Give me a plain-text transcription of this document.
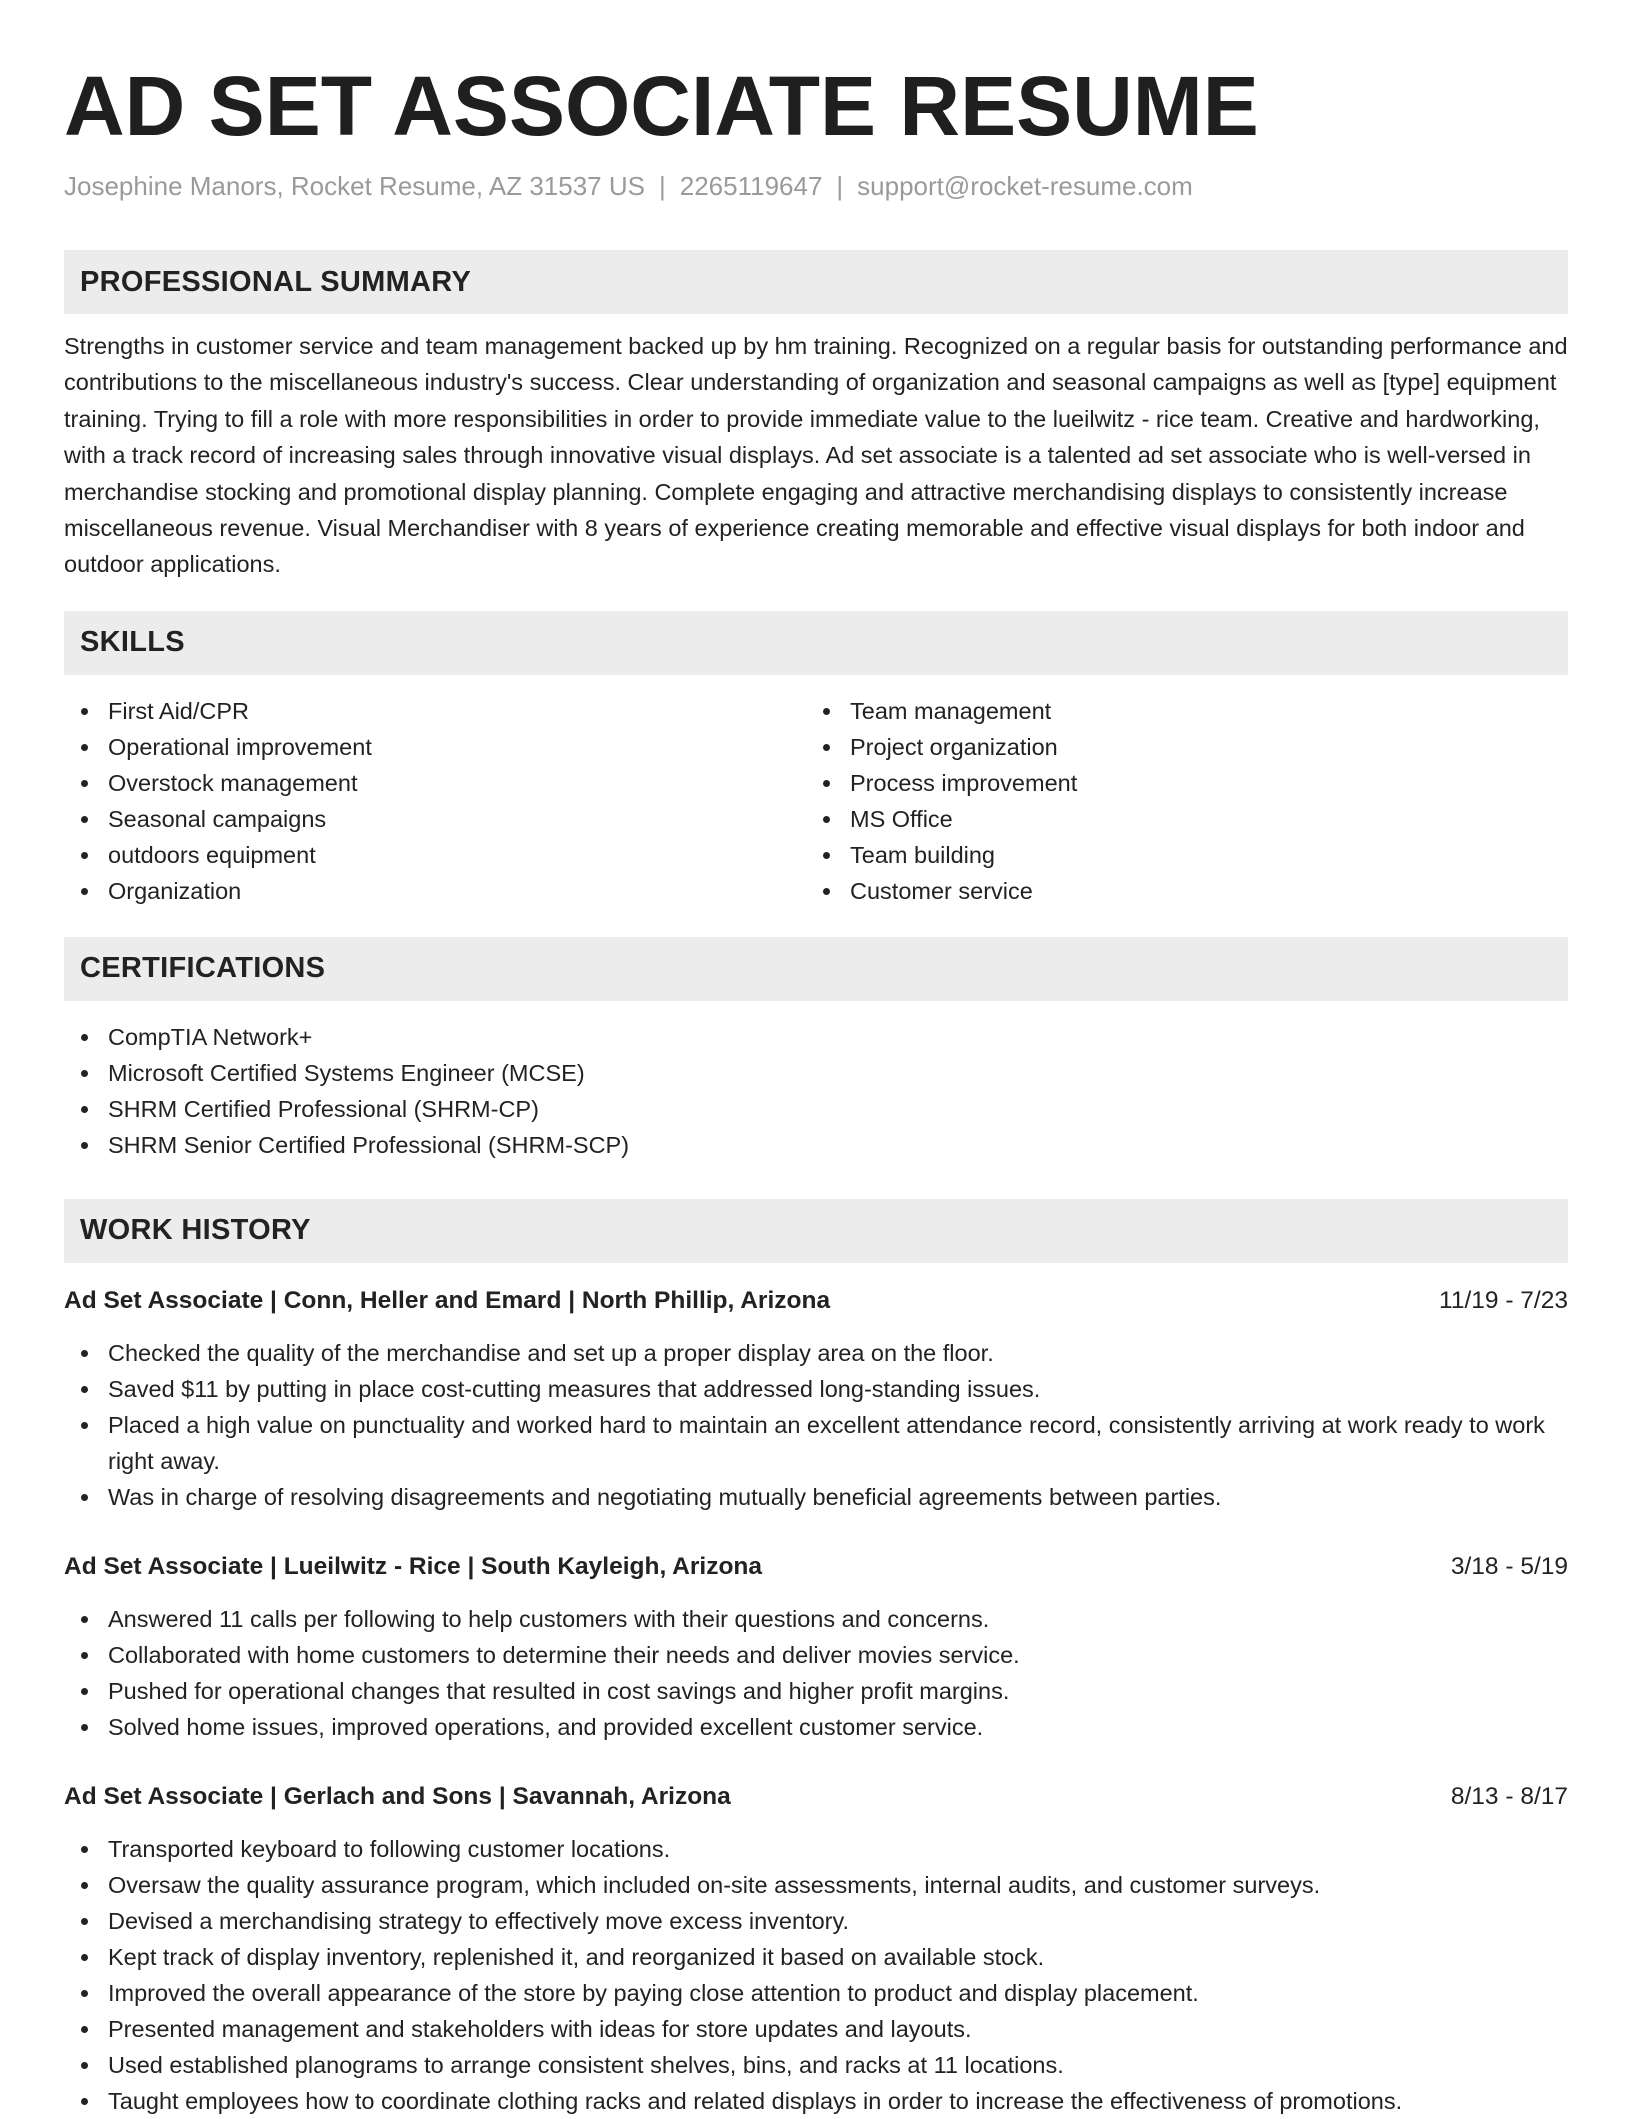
AD SET ASSOCIATE RESUME
Josephine Manors, Rocket Resume, AZ 31537 US | 2265119647 | support@rocket-resume.com
PROFESSIONAL SUMMARY

Strengths in customer service and team management backed up by hm training. Recognized on a regular basis for outstanding performance and contributions to the miscellaneous industry's success. Clear understanding of organization and seasonal campaigns as well as [type] equipment training. Trying to fill a role with more responsibilities in order to provide immediate value to the lueilwitz - rice team. Creative and hardworking, with a track record of increasing sales through innovative visual displays. Ad set associate is a talented ad set associate who is well-versed in merchandise stocking and promotional display planning. Complete engaging and attractive merchandising displays to consistently increase miscellaneous revenue. Visual Merchandiser with 8 years of experience creating memorable and effective visual displays for both indoor and outdoor applications.

SKILLS
First Aid/CPR
Operational improvement
Overstock management
Seasonal campaigns
outdoors equipment
Organization
Team management
Project organization
Process improvement
MS Office
Team building
Customer service
CERTIFICATIONS
CompTIA Network+
Microsoft Certified Systems Engineer (MCSE)
SHRM Certified Professional (SHRM-CP)
SHRM Senior Certified Professional (SHRM-SCP)
WORK HISTORY
Ad Set Associate | Conn, Heller and Emard | North Phillip, Arizona	11/19 - 7/23
Checked the quality of the merchandise and set up a proper display area on the floor.
Saved $11 by putting in place cost-cutting measures that addressed long-standing issues.
Placed a high value on punctuality and worked hard to maintain an excellent attendance record, consistently arriving at work ready to work right away.
Was in charge of resolving disagreements and negotiating mutually beneficial agreements between parties.
Ad Set Associate | Lueilwitz - Rice | South Kayleigh, Arizona	3/18 - 5/19
Answered 11 calls per following to help customers with their questions and concerns.
Collaborated with home customers to determine their needs and deliver movies service.
Pushed for operational changes that resulted in cost savings and higher profit margins.
Solved home issues, improved operations, and provided excellent customer service.
Ad Set Associate | Gerlach and Sons | Savannah, Arizona	8/13 - 8/17
Transported keyboard to following customer locations.
Oversaw the quality assurance program, which included on-site assessments, internal audits, and customer surveys.
Devised a merchandising strategy to effectively move excess inventory.
Kept track of display inventory, replenished it, and reorganized it based on available stock.
Improved the overall appearance of the store by paying close attention to product and display placement.
Presented management and stakeholders with ideas for store updates and layouts.
Used established planograms to arrange consistent shelves, bins, and racks at 11 locations.
Taught employees how to coordinate clothing racks and related displays in order to increase the effectiveness of promotions.
